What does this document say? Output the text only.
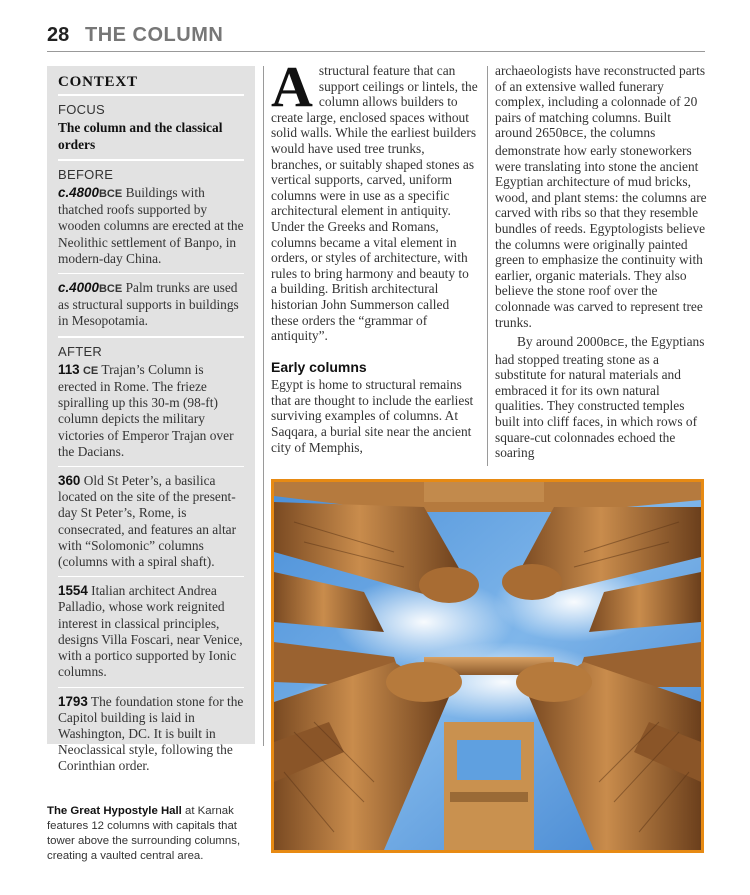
28 THE COLUMN
CONTEXT
FOCUS
The column and the classical orders
BEFORE
c.4800BCE Buildings with thatched roofs supported by wooden columns are erected at the Neolithic settlement of Banpo, in modern-day China.
c.4000BCE Palm trunks are used as structural supports in buildings in Mesopotamia.
AFTER
113 CE Trajan’s Column is erected in Rome. The frieze spiralling up this 30-m (98-ft) column depicts the military victories of Emperor Trajan over the Dacians.
360 Old St Peter’s, a basilica located on the site of the present-day St Peter’s, Rome, is consecrated, and features an altar with “Solomonic” columns (columns with a spiral shaft).
1554 Italian architect Andrea Palladio, whose work reignited interest in classical principles, designs Villa Foscari, near Venice, with a portico supported by Ionic columns.
1793 The foundation stone for the Capitol building is laid in Washington, DC. It is built in Neoclassical style, following the Corinthian order.

Astructural feature that can support ceilings or lintels, the column allows builders to create large, enclosed spaces without solid walls. While the earliest builders would have used tree trunks, branches, or suitably shaped stones as vertical supports, carved, uniform columns were in use as a specific architectural element in antiquity. Under the Greeks and Romans, columns became a vital element in orders, or styles of architecture, with rules to bring harmony and beauty to a building. British architectural historian John Summerson called these orders the “grammar of antiquity”.

Early columns

Egypt is home to structural remains that are thought to include the earliest surviving examples of columns. At Saqqara, a burial site near the ancient city of Memphis,

archaeologists have reconstructed parts of an extensive walled funerary complex, including a colonnade of 20 pairs of matching columns. Built around 2650BCE, the columns demonstrate how early stoneworkers were translating into stone the ancient Egyptian architecture of mud bricks, wood, and plant stems: the columns are carved with ribs so that they resemble bundles of reeds. Egyptologists believe the columns were originally painted green to emphasize the continuity with earlier, organic materials. They also believe the stone roof over the colonnade was carved to represent tree trunks.

By around 2000BCE, the Egyptians had stopped treating stone as a substitute for natural materials and embraced it for its own natural qualities. They constructed temples built into cliff faces, in which rows of square-cut colonnades echoed the soaring

The Great Hypostyle Hall at Karnak features 12 columns with capitals that tower above the surrounding columns, creating a vaulted central area.
